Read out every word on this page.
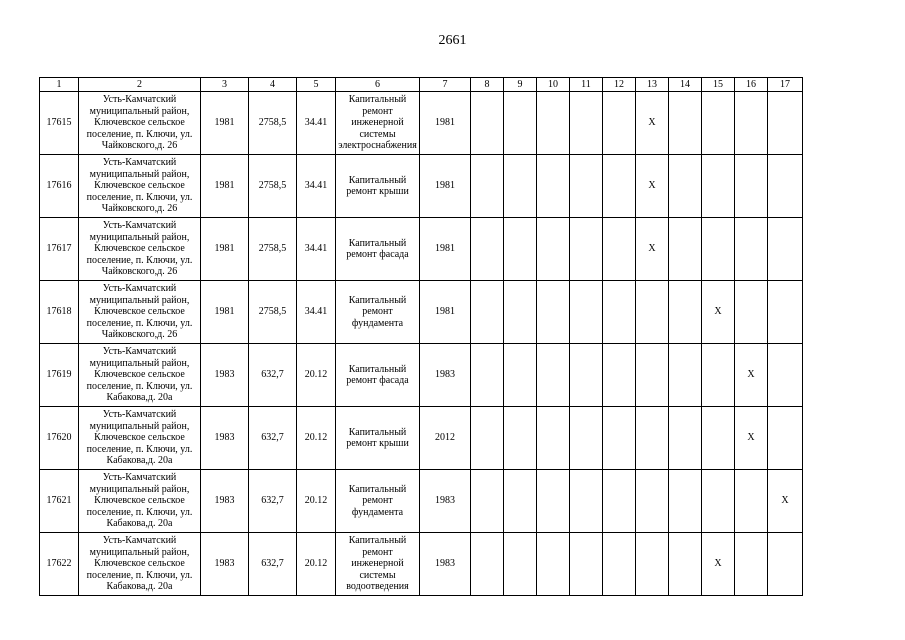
2661
1	2	3	4	5	6	7	8	9	10	11	12	13	14	15	16	17
17615	Усть-Камчатский муниципальный район, Ключевское сельское поселение, п. Ключи, ул. Чайковского,д. 26	1981	2758,5	34.41	Капитальный ремонт инженерной системы электроснабжения	1981						X				
17616	Усть-Камчатский муниципальный район, Ключевское сельское поселение, п. Ключи, ул. Чайковского,д. 26	1981	2758,5	34.41	Капитальный ремонт крыши	1981						X				
17617	Усть-Камчатский муниципальный район, Ключевское сельское поселение, п. Ключи, ул. Чайковского,д. 26	1981	2758,5	34.41	Капитальный ремонт фасада	1981						X				
17618	Усть-Камчатский муниципальный район, Ключевское сельское поселение, п. Ключи, ул. Чайковского,д. 26	1981	2758,5	34.41	Капитальный ремонт фундамента	1981								X		
17619	Усть-Камчатский муниципальный район, Ключевское сельское поселение, п. Ключи, ул. Кабакова,д. 20а	1983	632,7	20.12	Капитальный ремонт фасада	1983									X	
17620	Усть-Камчатский муниципальный район, Ключевское сельское поселение, п. Ключи, ул. Кабакова,д. 20а	1983	632,7	20.12	Капитальный ремонт крыши	2012									X	
17621	Усть-Камчатский муниципальный район, Ключевское сельское поселение, п. Ключи, ул. Кабакова,д. 20а	1983	632,7	20.12	Капитальный ремонт фундамента	1983										X
17622	Усть-Камчатский муниципальный район, Ключевское сельское поселение, п. Ключи, ул. Кабакова,д. 20а	1983	632,7	20.12	Капитальный ремонт инженерной системы водоотведения	1983								X		
